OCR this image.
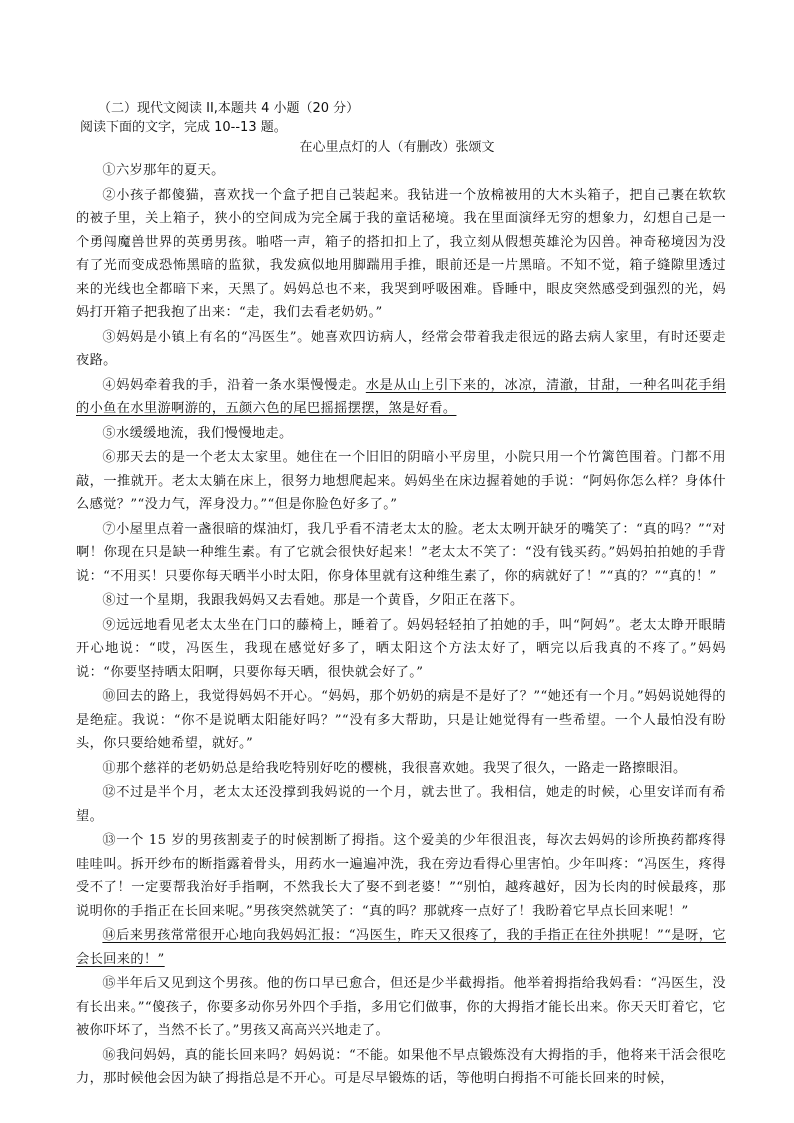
（二）现代文阅读 II,本题共 4 小题（20 分）
阅读下面的文字，完成 10--13 题。
在心里点灯的人（有删改）张颂文

①六岁那年的夏天。

②小孩子都傻猫，喜欢找一个盒子把自己装起来。我钻进一个放棉被用的大木头箱子，把自己裹在软软的被子里，关上箱子，狭小的空间成为完全属于我的童话秘境。我在里面演绎无穷的想象力，幻想自己是一个勇闯魔兽世界的英勇男孩。啪嗒一声，箱子的搭扣扣上了，我立刻从假想英雄沦为囚兽。神奇秘境因为没有了光而变成恐怖黑暗的监狱，我发疯似地用脚踹用手推，眼前还是一片黑暗。不知不觉，箱子缝隙里透过来的光线也全都暗下来，天黑了。妈妈总也不来，我哭到呼吸困难。昏睡中，眼皮突然感受到强烈的光，妈妈打开箱子把我抱了出来：“走，我们去看老奶奶。”

③妈妈是小镇上有名的“冯医生”。她喜欢四访病人，经常会带着我走很远的路去病人家里，有时还要走夜路。

④妈妈牵着我的手，沿着一条水渠慢慢走。水是从山上引下来的，冰凉，清澈，甘甜，一种名叫花手绢的小鱼在水里游啊游的，五颜六色的尾巴摇摇摆摆，煞是好看。

⑤水缓缓地流，我们慢慢地走。

⑥那天去的是一个老太太家里。她住在一个旧旧的阴暗小平房里，小院只用一个竹篱笆围着。门都不用敲，一推就开。老太太躺在床上，很努力地想爬起来。妈妈坐在床边握着她的手说：“阿妈你怎么样？身体什么感觉？”“没力气，浑身没力。”“但是你脸色好多了。”

⑦小屋里点着一盏很暗的煤油灯，我几乎看不清老太太的脸。老太太咧开缺牙的嘴笑了：“真的吗？”“对啊！你现在只是缺一种维生素。有了它就会很快好起来！”老太太不笑了：“没有钱买药。”妈妈拍拍她的手背说：“不用买！只要你每天晒半小时太阳，你身体里就有这种维生素了，你的病就好了！”“真的？”“真的！”

⑧过一个星期，我跟我妈妈又去看她。那是一个黄昏，夕阳正在落下。

⑨远远地看见老太太坐在门口的藤椅上，睡着了。妈妈轻轻拍了拍她的手，叫“阿妈”。老太太睁开眼睛开心地说：“哎，冯医生，我现在感觉好多了，晒太阳这个方法太好了，晒完以后我真的不疼了。”妈妈说：“你要坚持晒太阳啊，只要你每天晒，很快就会好了。”

⑩回去的路上，我觉得妈妈不开心。“妈妈，那个奶奶的病是不是好了？”“她还有一个月。”妈妈说她得的是绝症。我说：“你不是说晒太阳能好吗？”“没有多大帮助，只是让她觉得有一些希望。一个人最怕没有盼头，你只要给她希望，就好。”

⑪那个慈祥的老奶奶总是给我吃特别好吃的樱桃，我很喜欢她。我哭了很久，一路走一路擦眼泪。

⑫不过是半个月，老太太还没撑到我妈说的一个月，就去世了。我相信，她走的时候，心里安详而有希望。

⑬一个 15 岁的男孩割麦子的时候割断了拇指。这个爱美的少年很沮丧，每次去妈妈的诊所换药都疼得哇哇叫。拆开纱布的断指露着骨头，用药水一遍遍冲洗，我在旁边看得心里害怕。少年叫疼：“冯医生，疼得受不了！一定要帮我治好手指啊，不然我长大了娶不到老婆！”“别怕，越疼越好，因为长肉的时候最疼，那说明你的手指正在长回来呢。”男孩突然就笑了：“真的吗？那就疼一点好了！我盼着它早点长回来呢！”

⑭后来男孩常常很开心地向我妈妈汇报：“冯医生，昨天又很疼了，我的手指正在往外拱呢！”“是呀，它会长回来的！”

⑮半年后又见到这个男孩。他的伤口早已愈合，但还是少半截拇指。他举着拇指给我妈看：“冯医生，没有长出来。”“傻孩子，你要多动你另外四个手指，多用它们做事，你的大拇指才能长出来。你天天盯着它，它被你吓坏了，当然不长了。”男孩又高高兴兴地走了。

⑯我问妈妈，真的能长回来吗？妈妈说：“不能。如果他不早点锻炼没有大拇指的手，他将来干活会很吃力，那时候他会因为缺了拇指总是不开心。可是尽早锻炼的话，等他明白拇指不可能长回来的时候，
